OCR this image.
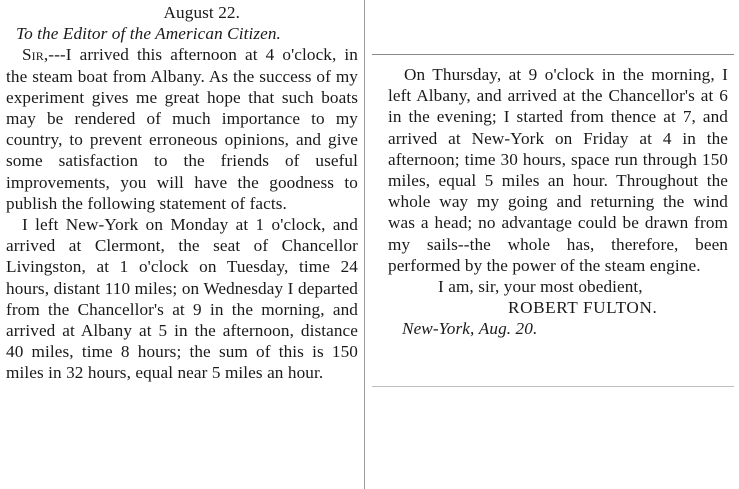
August 22.

To the Editor of the American Citizen.

Sir,---I arrived this afternoon at 4 o'clock, in the steam boat from Albany. As the success of my experiment gives me great hope that such boats may be rendered of much importance to my country, to prevent erroneous opinions, and give some satisfaction to the friends of useful improvements, you will have the goodness to publish the following statement of facts.

I left New-York on Monday at 1 o'clock, and arrived at Clermont, the seat of Chancellor Livingston, at 1 o'clock on Tuesday, time 24 hours, distant 110 miles; on Wednesday I departed from the Chancellor's at 9 in the morning, and arrived at Albany at 5 in the afternoon, distance 40 miles, time 8 hours; the sum of this is 150 miles in 32 hours, equal near 5 miles an hour.

On Thursday, at 9 o'clock in the morning, I left Albany, and arrived at the Chancellor's at 6 in the evening; I started from thence at 7, and arrived at New-York on Friday at 4 in the afternoon; time 30 hours, space run through 150 miles, equal 5 miles an hour. Throughout the whole way my going and returning the wind was a head; no advantage could be drawn from my sails--the whole has, therefore, been performed by the power of the steam engine.

I am, sir, your most obedient,

ROBERT FULTON.

New-York, Aug. 20.
